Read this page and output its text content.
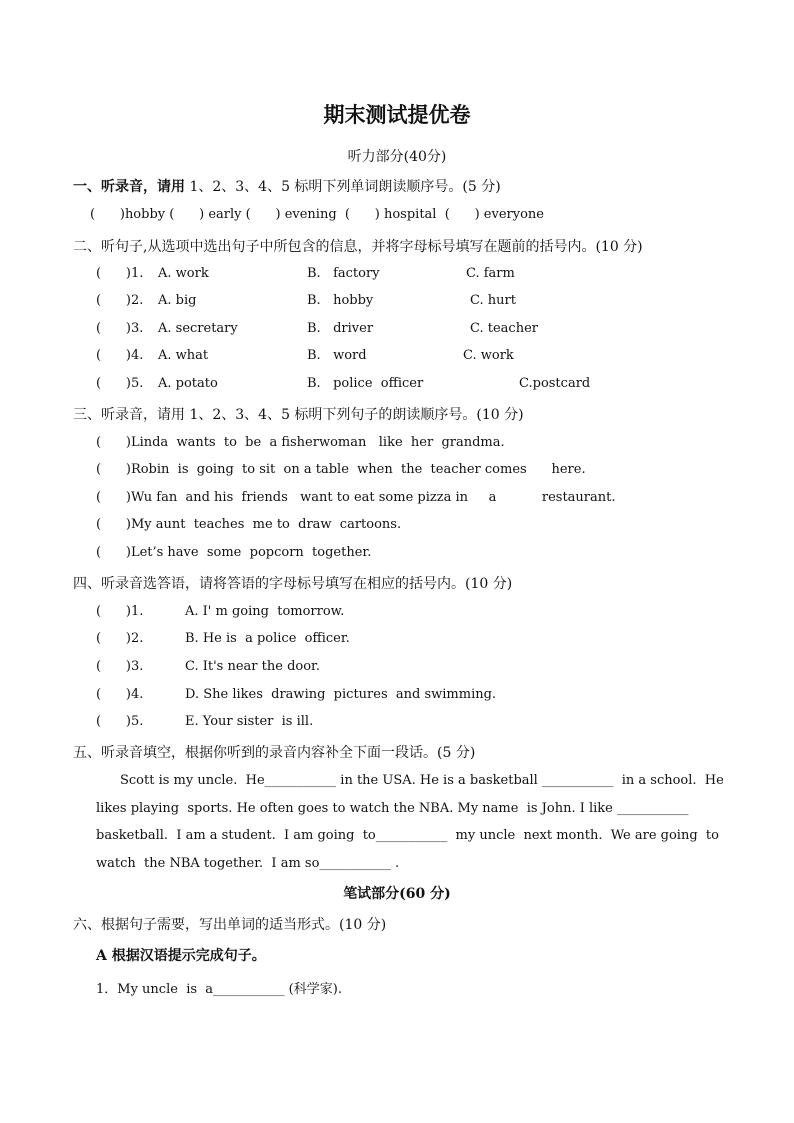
期末测试提优卷
听力部分(40分)
一、听录音，请用 1、2、3、4、5 标明下列单词朗读顺序号。(5 分)
(      )hobby (      ) early (      ) evening  (      ) hospital  (      ) everyone
二、听句子,从选项中选出句子中所包含的信息，并将字母标号填写在题前的括号内。(10 分)
(      )1. A. work	B.   factory	C. farm
(      )2. A. big	B.   hobby	C. hurt
(      )3. A. secretary	B.   driver	C. teacher
(      )4. A. what	B.   word	C. work
(      )5. A. potato	B.   police  officer	C.postcard
三、听录音，请用 1、2、3、4、5 标明下列句子的朗读顺序号。(10 分)
(      )Linda  wants  to  be  a fisherwoman   like  her  grandma.
(      )Robin  is  going  to sit  on a table  when  the  teacher comes      here.
(      )Wu fan  and his  friends   want to eat some pizza in     a           restaurant.
(      )My aunt  teaches  me to  draw  cartoons.
(      )Let’s have  some  popcorn  together.
四、听录音选答语，请将答语的字母标号填写在相应的括号内。(10 分)
(      )1.	A. I' m going  tomorrow.
(      )2.	B. He is  a police  officer.
(      )3.	C. It's near the door.
(      )4.	D. She likes  drawing  pictures  and swimming.
(      )5.	E. Your sister  is ill.
五、听录音填空，根据你听到的录音内容补全下面一段话。(5 分)
Scott is my uncle.  He___________ in the USA. He is a basketball ___________  in a school.  He
likes playing  sports. He often goes to watch the NBA. My name  is John. I like ___________
basketball.  I am a student.  I am going  to___________  my uncle  next month.  We are going  to
watch  the NBA together.  I am so___________ .
笔试部分(60 分)
六、根据句子需要，写出单词的适当形式。(10 分)
A 根据汉语提示完成句子。
1．My uncle  is  a___________ (科学家).
